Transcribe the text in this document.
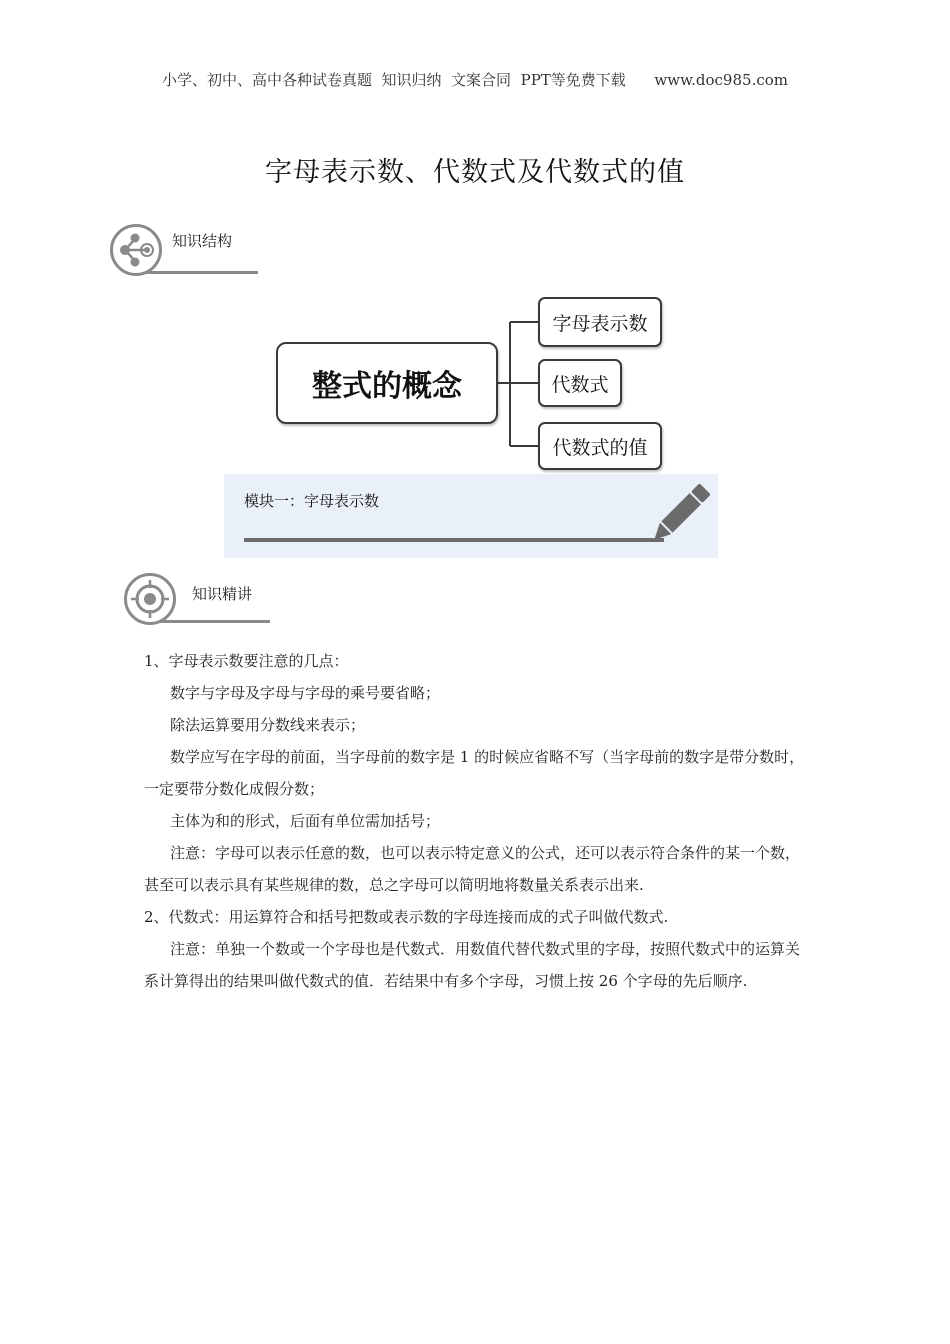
小学、初中、高中各种试卷真题  知识归纳  文案合同  PPT等免费下载      www.doc985.com
字母表示数、代数式及代数式的值
知识结构
整式的概念
字母表示数
代数式
代数式的值
模块一：字母表示数
知识精讲

1、字母表示数要注意的几点：

数字与字母及字母与字母的乘号要省略；

除法运算要用分数线来表示；

数学应写在字母的前面，当字母前的数字是 1 的时候应省略不写（当字母前的数字是带分数时，一定要带分数化成假分数；

主体为和的形式，后面有单位需加括号；

注意：字母可以表示任意的数，也可以表示特定意义的公式，还可以表示符合条件的某一个数，甚至可以表示具有某些规律的数，总之字母可以简明地将数量关系表示出来.

2、代数式：用运算符合和括号把数或表示数的字母连接而成的式子叫做代数式.

注意：单独一个数或一个字母也是代数式．用数值代替代数式里的字母，按照代数式中的运算关系计算得出的结果叫做代数式的值．若结果中有多个字母，习惯上按 26 个字母的先后顺序.
